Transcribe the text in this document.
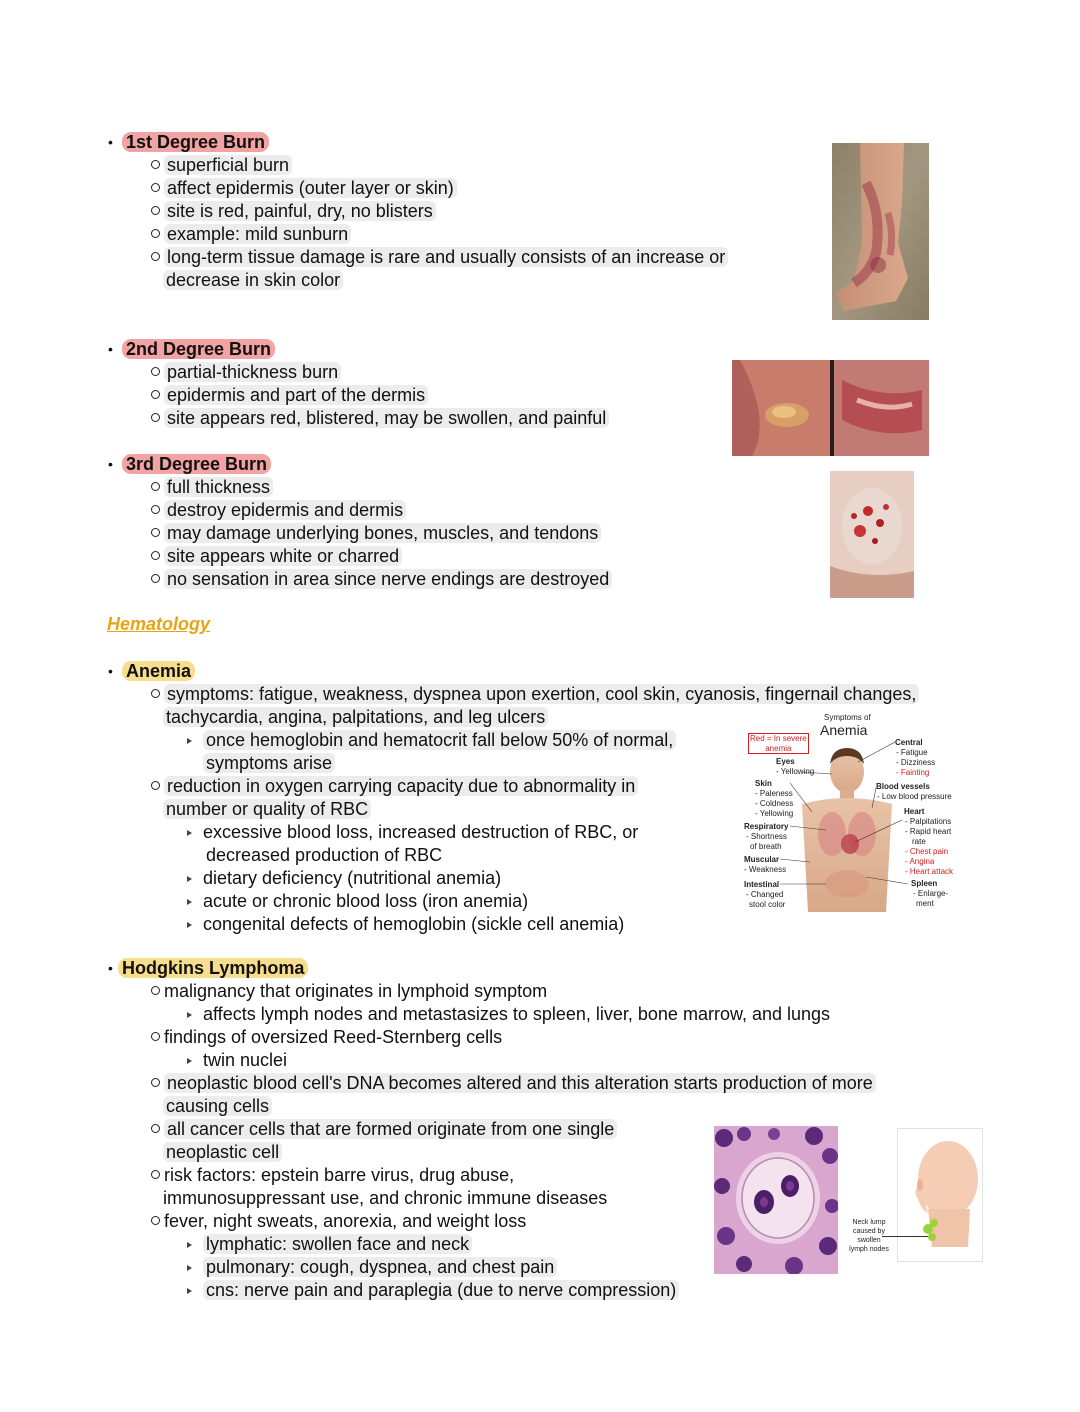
• 1st Degree Burn
superficial burn
affect epidermis (outer layer or skin)
site is red, painful, dry, no blisters
example: mild sunburn
long-term tissue damage is rare and usually consists of an increase or
decrease in skin color
• 2nd Degree Burn
partial-thickness burn
epidermis and part of the dermis
site appears red, blistered, may be swollen, and painful
• 3rd Degree Burn
full thickness
destroy epidermis and dermis
may damage underlying bones, muscles, and tendons
site appears white or charred
no sensation in area since nerve endings are destroyed
Hematology
• Anemia
symptoms: fatigue, weakness, dyspnea upon exertion, cool skin, cyanosis, fingernail changes,
tachycardia, angina, palpitations, and leg ulcers
once hemoglobin and hematocrit fall below 50% of normal,
symptoms arise
reduction in oxygen carrying capacity due to abnormality in
number or quality of RBC
excessive blood loss, increased destruction of RBC, or
decreased production of RBC
dietary deficiency (nutritional anemia)
acute or chronic blood loss (iron anemia)
congenital defects of hemoglobin (sickle cell anemia)
Symptoms of
Anemia
Red = In severe
anemia
Eyes
- Yellowing
Skin
- Paleness
- Coldness
- Yellowing
Respiratory
- Shortness
of breath
Muscular
- Weakness
Intestinal
- Changed
stool color
Central
- Fatigue
- Dizziness
- Fainting
Blood vessels
- Low blood pressure
Heart
- Palpitations
- Rapid heart
rate
- Chest pain
- Angina
- Heart attack
Spleen
- Enlarge-
ment
• Hodgkins Lymphoma
malignancy that originates in lymphoid symptom
affects lymph nodes and metastasizes to spleen, liver, bone marrow, and lungs
findings of oversized Reed-Sternberg cells
twin nuclei
neoplastic blood cell's DNA becomes altered and this alteration starts production of more
causing cells
all cancer cells that are formed originate from one single
neoplastic cell
risk factors: epstein barre virus, drug abuse,
immunosuppressant use, and chronic immune diseases
fever, night sweats, anorexia, and weight loss
lymphatic: swollen face and neck
pulmonary: cough, dyspnea, and chest pain
cns: nerve pain and paraplegia (due to nerve compression)
Neck lump
caused by
swollen
lymph nodes
